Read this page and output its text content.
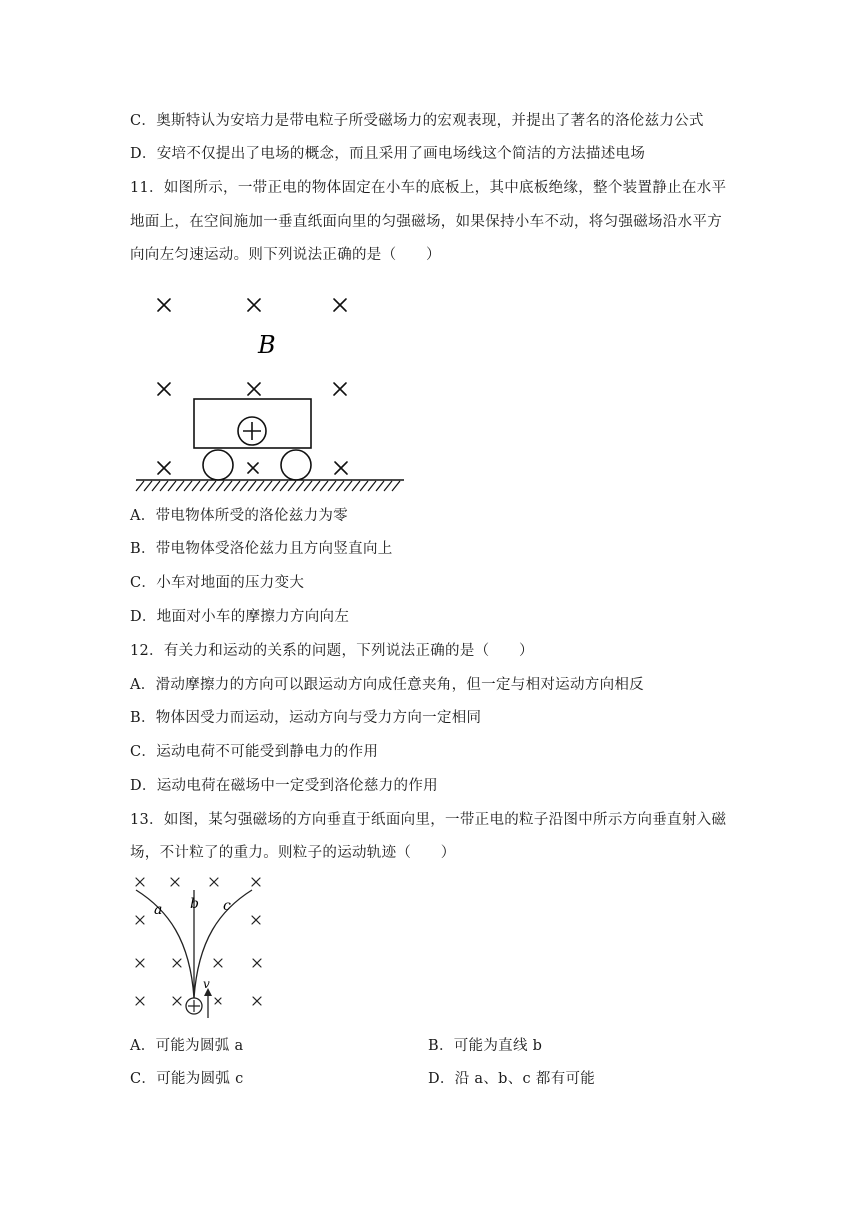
C．奥斯特认为安培力是带电粒子所受磁场力的宏观表现，并提出了著名的洛伦兹力公式
D．安培不仅提出了电场的概念，而且采用了画电场线这个简洁的方法描述电场
11．如图所示，一带正电的物体固定在小车的底板上，其中底板绝缘，整个装置静止在水平
地面上，在空间施加一垂直纸面向里的匀强磁场，如果保持小车不动，将匀强磁场沿水平方
向向左匀速运动。则下列说法正确的是（　　）
B
A．带电物体所受的洛伦兹力为零
B．带电物体受洛伦兹力且方向竖直向上
C．小车对地面的压力变大
D．地面对小车的摩擦力方向向左
12．有关力和运动的关系的问题，下列说法正确的是（　　）
A．滑动摩擦力的方向可以跟运动方向成任意夹角，但一定与相对运动方向相反
B．物体因受力而运动，运动方向与受力方向一定相同
C．运动电荷不可能受到静电力的作用
D．运动电荷在磁场中一定受到洛伦慈力的作用
13．如图，某匀强磁场的方向垂直于纸面向里，一带正电的粒子沿图中所示方向垂直射入磁
场，不计粒了的重力。则粒子的运动轨迹（　　）
a b c
v
A．可能为圆弧 a	B．可能为直线 b
C．可能为圆弧 c	D．沿 a、b、c 都有可能
